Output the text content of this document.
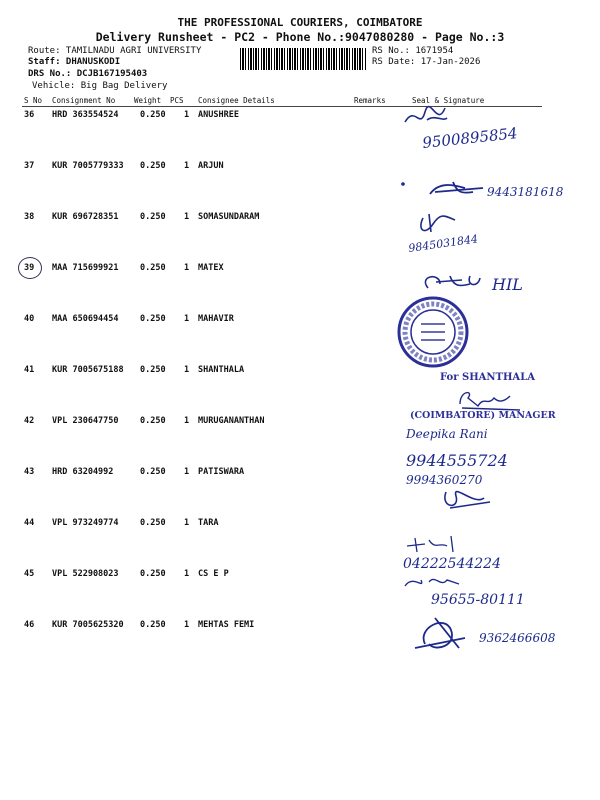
THE PROFESSIONAL COURIERS, COIMBATORE
Delivery Runsheet - PC2 - Phone No.:9047080280 - Page No.:3
Route: TAMILNADU AGRI UNIVERSITY
Staff: DHANUSKODI
DRS No.: DCJB167195403
Vehicle: Big Bag Delivery
RS No.: 1671954
RS Date: 17-Jan-2026
S No Consignment No	Weight PCS Consignee Details	Remarks	Seal & Signature
36 HRD 363554524	0.250 1 ANUSHREE
37 KUR 7005779333 0.250 1 ARJUN
38 KUR 696728351	0.250 1 SOMASUNDARAM
39 MAA 715699921	0.250 1 MATEX
40 MAA 650694454	0.250 1 MAHAVIR
41 KUR 7005675188 0.250 1 SHANTHALA
42 VPL 230647750	0.250 1 MURUGANANTHAN
43 HRD 63204992	0.250 1 PATISWARA
44 VPL 973249774	0.250 1 TARA
45 VPL 522908023	0.250 1 CS E P
46 KUR 7005625320 0.250 1 MEHTAS FEMI
9500895854
9443181618
9845031844
HIL
For SHANTHALA
(COIMBATORE) MANAGER
Deepika Rani
9944555724
9994360270
04222544224
95655-80111
9362466608
